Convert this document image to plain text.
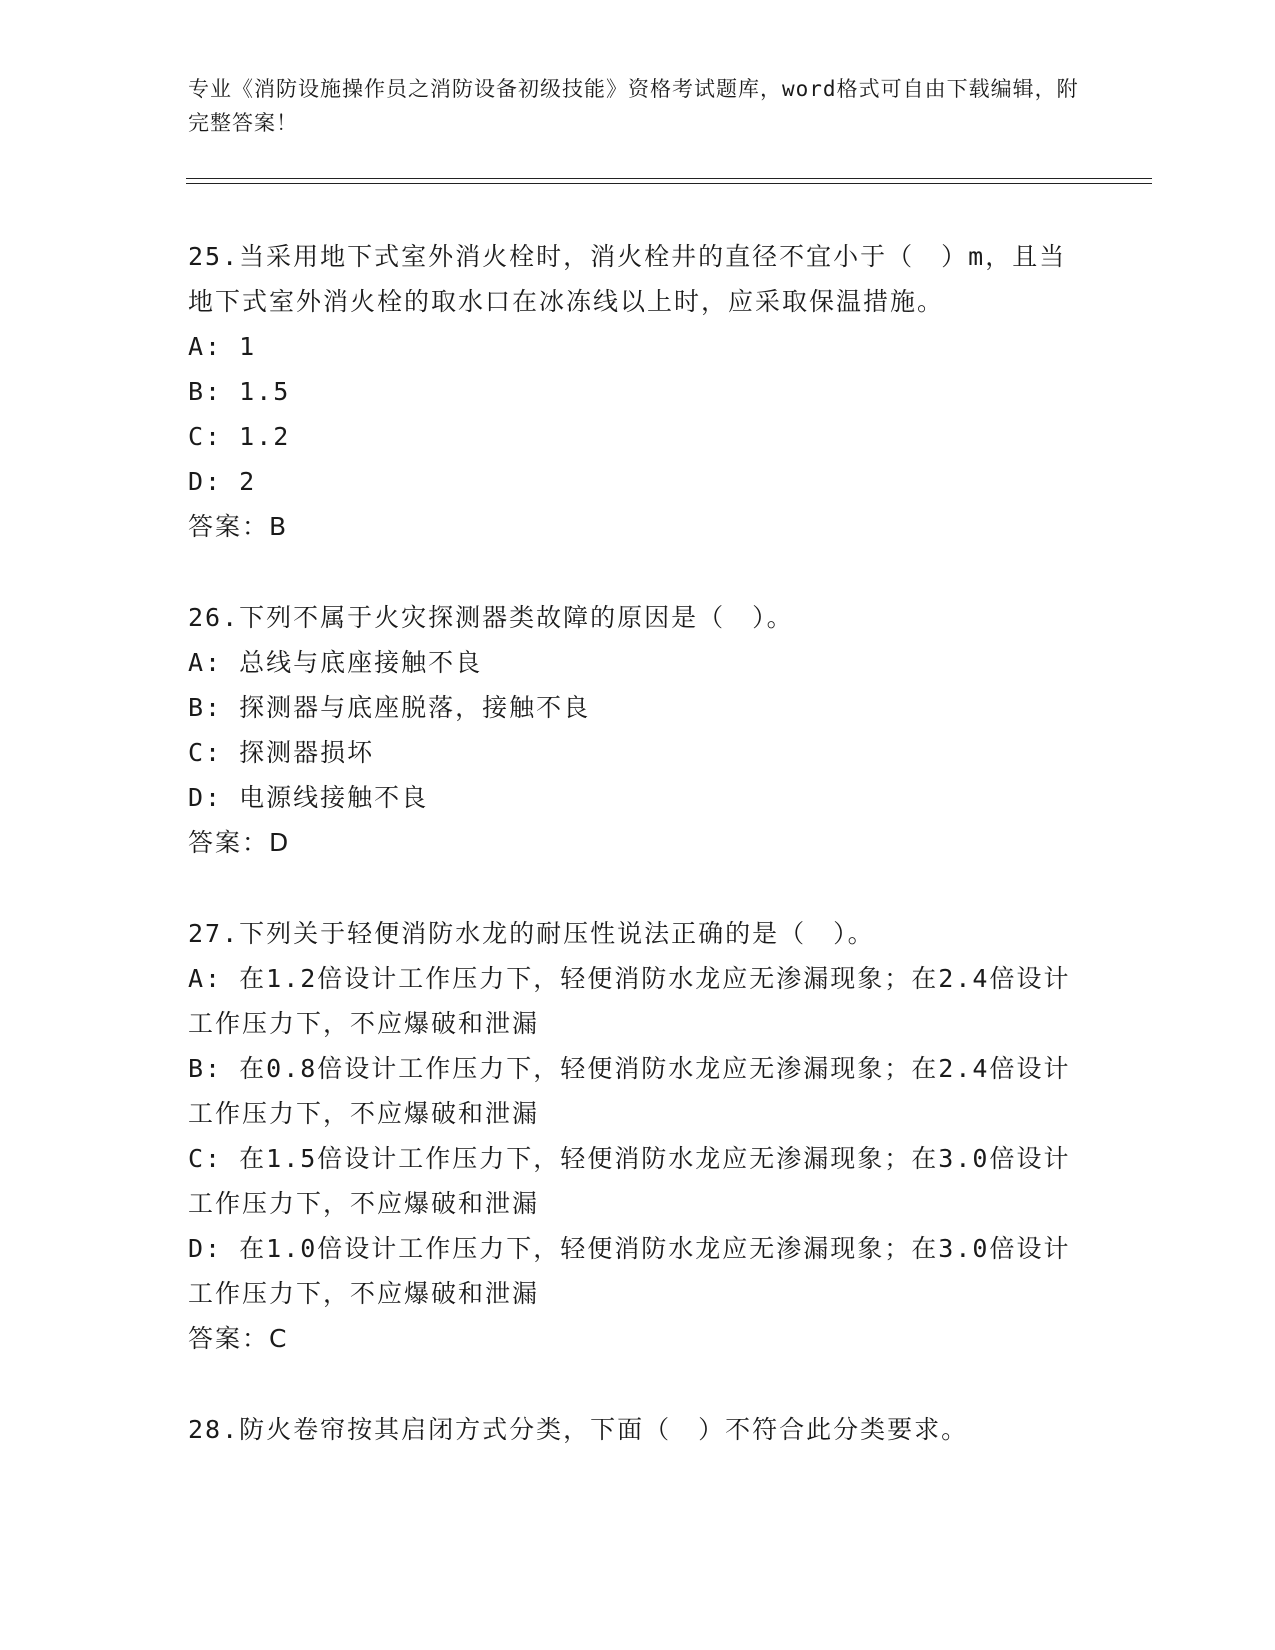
专业《消防设施操作员之消防设备初级技能》资格考试题库，word格式可自由下载编辑，附完整答案！

25.当采用地下式室外消火栓时，消火栓井的直径不宜小于（　）m，且当地下式室外消火栓的取水口在冰冻线以上时，应采取保温措施。

A: 1

B: 1.5

C: 1.2

D: 2

答案：B

26.下列不属于火灾探测器类故障的原因是（　）。

A: 总线与底座接触不良

B: 探测器与底座脱落，接触不良

C: 探测器损坏

D: 电源线接触不良

答案：D

27.下列关于轻便消防水龙的耐压性说法正确的是（　）。

A: 在1.2倍设计工作压力下，轻便消防水龙应无渗漏现象；在2.4倍设计工作压力下，不应爆破和泄漏

B: 在0.8倍设计工作压力下，轻便消防水龙应无渗漏现象；在2.4倍设计工作压力下，不应爆破和泄漏

C: 在1.5倍设计工作压力下，轻便消防水龙应无渗漏现象；在3.0倍设计工作压力下，不应爆破和泄漏

D: 在1.0倍设计工作压力下，轻便消防水龙应无渗漏现象；在3.0倍设计工作压力下，不应爆破和泄漏

答案：C

28.防火卷帘按其启闭方式分类，下面（　）不符合此分类要求。
